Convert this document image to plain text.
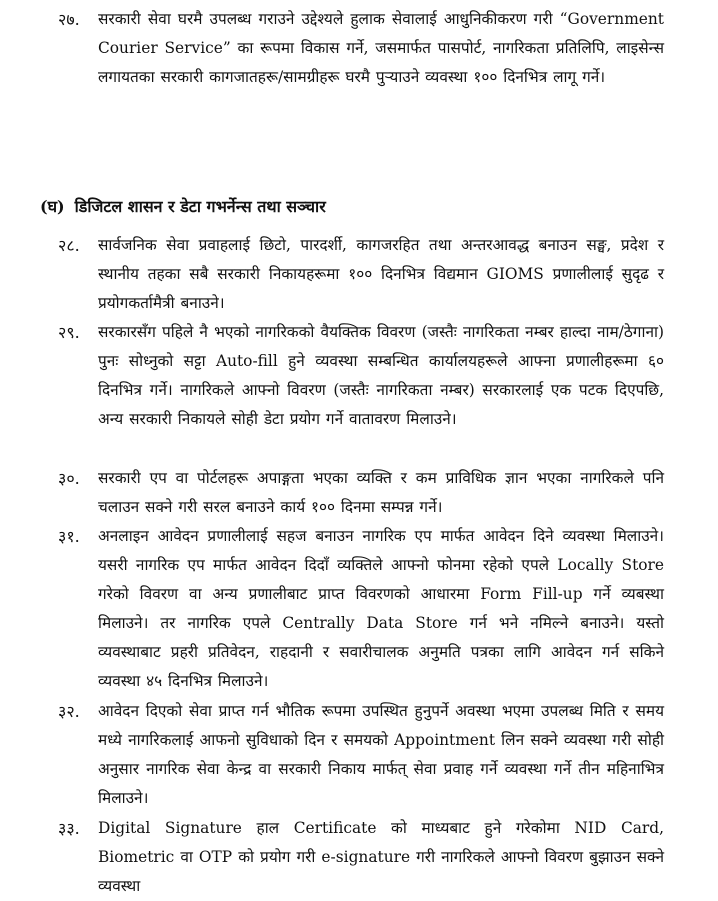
२७.	सरकारी सेवा घरमै उपलब्ध गराउने उद्देश्यले हुलाक सेवालाई आधुनिकीकरण गरी “Government Courier Service” का रूपमा विकास गर्ने, जसमार्फत पासपोर्ट, नागरिकता प्रतिलिपि, लाइसेन्स लगायतका सरकारी कागजातहरू/सामग्रीहरू घरमै पुर्‍याउने व्यवस्था १०० दिनभित्र लागू गर्ने।
(घ) डिजिटल शासन र डेटा गभर्नेन्स तथा सञ्चार
२८.	सार्वजनिक सेवा प्रवाहलाई छिटो, पारदर्शी, कागजरहित तथा अन्तरआवद्ध बनाउन सङ्घ, प्रदेश र स्थानीय तहका सबै सरकारी निकायहरूमा १०० दिनभित्र विद्यमान GIOMS प्रणालीलाई सुदृढ र प्रयोगकर्तामैत्री बनाउने।
२९.	सरकारसँग पहिले नै भएको नागरिकको वैयक्तिक विवरण (जस्तैः नागरिकता नम्बर हाल्दा नाम/ठेगाना) पुनः सोध्नुको सट्टा Auto-fill हुने व्यवस्था सम्बन्धित कार्यालयहरूले आफ्ना प्रणालीहरूमा ६० दिनभित्र गर्ने। नागरिकले आफ्नो विवरण (जस्तैः नागरिकता नम्बर) सरकारलाई एक पटक दिएपछि, अन्य सरकारी निकायले सोही डेटा प्रयोग गर्ने वातावरण मिलाउने।
३०.	सरकारी एप वा पोर्टलहरू अपाङ्गता भएका व्यक्ति र कम प्राविधिक ज्ञान भएका नागरिकले पनि चलाउन सक्ने गरी सरल बनाउने कार्य १०० दिनमा सम्पन्न गर्ने।
३१.	अनलाइन आवेदन प्रणालीलाई सहज बनाउन नागरिक एप मार्फत आवेदन दिने व्यवस्था मिलाउने। यसरी नागरिक एप मार्फत आवेदन दिदाँ व्यक्तिले आफ्नो फोनमा रहेको एपले Locally Store गरेको विवरण वा अन्य प्रणालीबाट प्राप्त विवरणको आधारमा Form Fill-up गर्ने व्यबस्था मिलाउने। तर नागरिक एपले Centrally Data Store गर्न भने नमिल्ने बनाउने। यस्तो व्यवस्थाबाट प्रहरी प्रतिवेदन, राहदानी र सवारीचालक अनुमति पत्रका लागि आवेदन गर्न सकिने व्यवस्था ४५ दिनभित्र मिलाउने।
३२.	आवेदन दिएको सेवा प्राप्त गर्न भौतिक रूपमा उपस्थित हुनुपर्ने अवस्था भएमा उपलब्ध मिति र समय मध्ये नागरिकलाई आफनो सुविधाको दिन र समयको Appointment लिन सक्ने व्यवस्था गरी सोही अनुसार नागरिक सेवा केन्द्र वा सरकारी निकाय मार्फत् सेवा प्रवाह गर्ने व्यवस्था गर्ने तीन महिनाभित्र मिलाउने।
३३.	Digital Signature हाल Certificate को माध्यबाट हुने गरेकोमा NID Card, Biometric वा OTP को प्रयोग गरी e-signature गरी नागरिकले आफ्नो विवरण बुझाउन सक्ने व्यवस्था
